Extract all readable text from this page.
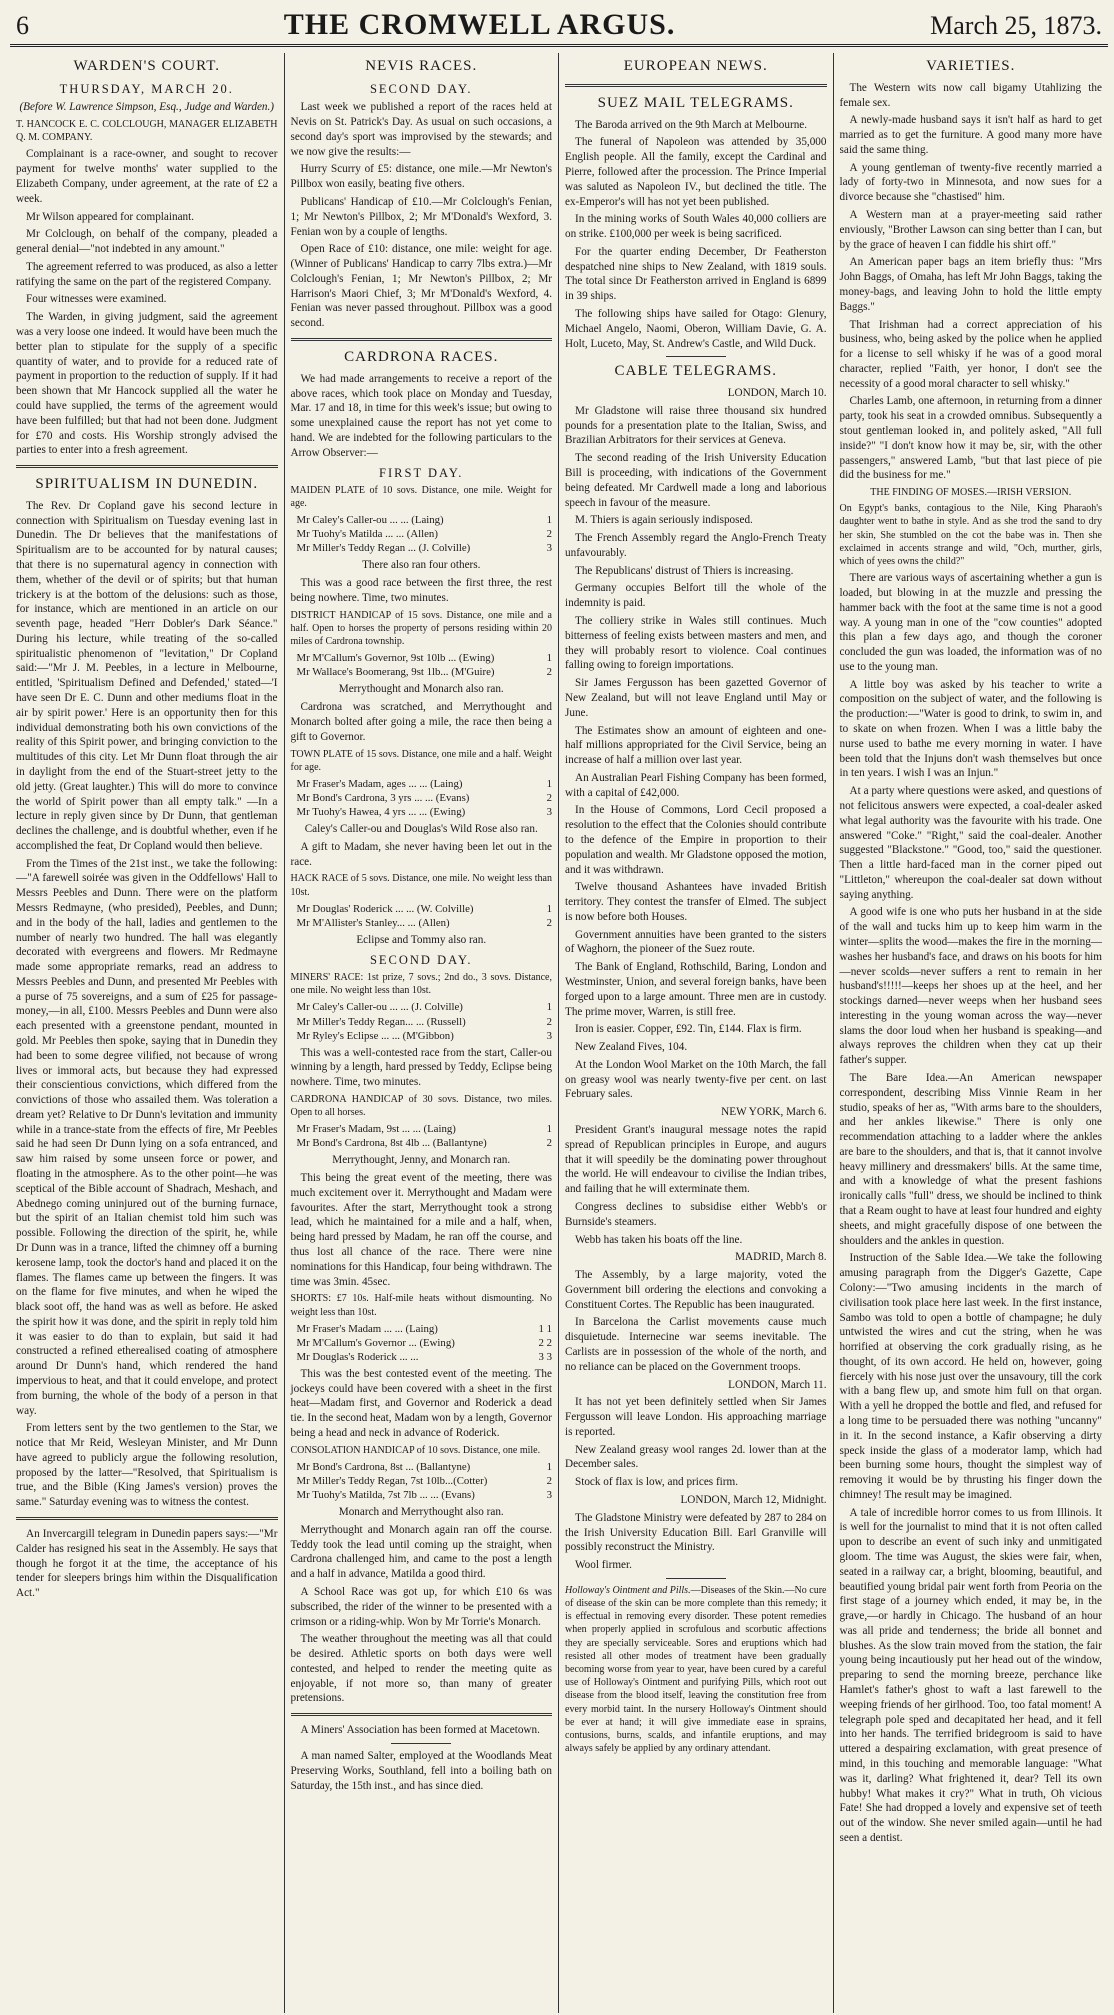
6	THE CROMWELL ARGUS.	March 25, 1873.
WARDEN'S COURT.
THURSDAY, MARCH 20.

(Before W. Lawrence Simpson, Esq., Judge and Warden.)

T. HANCOCK E. C. COLCLOUGH, MANAGER ELIZABETH Q. M. COMPANY.

Complainant is a race-owner, and sought to recover payment for twelve months' water supplied to the Elizabeth Company, under agreement, at the rate of £2 a week.

Mr Wilson appeared for complainant.

Mr Colclough, on behalf of the company, pleaded a general denial—"not indebted in any amount."

The agreement referred to was produced, as also a letter ratifying the same on the part of the registered Company.

Four witnesses were examined.

The Warden, in giving judgment, said the agreement was a very loose one indeed. It would have been much the better plan to stipulate for the supply of a specific quantity of water, and to provide for a reduced rate of payment in proportion to the reduction of supply. If it had been shown that Mr Hancock supplied all the water he could have supplied, the terms of the agreement would have been fulfilled; but that had not been done. Judgment for £70 and costs. His Worship strongly advised the parties to enter into a fresh agreement.

SPIRITUALISM IN DUNEDIN.

The Rev. Dr Copland gave his second lecture in connection with Spiritualism on Tuesday evening last in Dunedin. The Dr believes that the manifestations of Spiritualism are to be accounted for by natural causes; that there is no supernatural agency in connection with them, whether of the devil or of spirits; but that human trickery is at the bottom of the delusions: such as those, for instance, which are mentioned in an article on our seventh page, headed "Herr Dobler's Dark Séance." During his lecture, while treating of the so-called spiritualistic phenomenon of "levitation," Dr Copland said:—"Mr J. M. Peebles, in a lecture in Melbourne, entitled, 'Spiritualism Defined and Defended,' stated—'I have seen Dr E. C. Dunn and other mediums float in the air by spirit power.' Here is an opportunity then for this individual demonstrating both his own convictions of the reality of this Spirit power, and bringing conviction to the multitudes of this city. Let Mr Dunn float through the air in daylight from the end of the Stuart-street jetty to the old jetty. (Great laughter.) This will do more to convince the world of Spirit power than all empty talk." —In a lecture in reply given since by Dr Dunn, that gentleman declines the challenge, and is doubtful whether, even if he accomplished the feat, Dr Copland would then believe.

From the Times of the 21st inst., we take the following:—"A farewell soirée was given in the Oddfellows' Hall to Messrs Peebles and Dunn. There were on the platform Messrs Redmayne, (who presided), Peebles, and Dunn; and in the body of the hall, ladies and gentlemen to the number of nearly two hundred. The hall was elegantly decorated with evergreens and flowers. Mr Redmayne made some appropriate remarks, read an address to Messrs Peebles and Dunn, and presented Mr Peebles with a purse of 75 sovereigns, and a sum of £25 for passage-money,—in all, £100. Messrs Peebles and Dunn were also each presented with a greenstone pendant, mounted in gold. Mr Peebles then spoke, saying that in Dunedin they had been to some degree vilified, not because of wrong lives or immoral acts, but because they had expressed their conscientious convictions, which differed from the convictions of those who assailed them. Was toleration a dream yet? Relative to Dr Dunn's levitation and immunity while in a trance-state from the effects of fire, Mr Peebles said he had seen Dr Dunn lying on a sofa entranced, and saw him raised by some unseen force or power, and floating in the atmosphere. As to the other point—he was sceptical of the Bible account of Shadrach, Meshach, and Abednego coming uninjured out of the burning furnace, but the spirit of an Italian chemist told him such was possible. Following the direction of the spirit, he, while Dr Dunn was in a trance, lifted the chimney off a burning kerosene lamp, took the doctor's hand and placed it on the flames. The flames came up between the fingers. It was on the flame for five minutes, and when he wiped the black soot off, the hand was as well as before. He asked the spirit how it was done, and the spirit in reply told him it was easier to do than to explain, but said it had constructed a refined etherealised coating of atmosphere around Dr Dunn's hand, which rendered the hand impervious to heat, and that it could envelope, and protect from burning, the whole of the body of a person in that way.

From letters sent by the two gentlemen to the Star, we notice that Mr Reid, Wesleyan Minister, and Mr Dunn have agreed to publicly argue the following resolution, proposed by the latter—"Resolved, that Spiritualism is true, and the Bible (King James's version) proves the same." Saturday evening was to witness the contest.

An Invercargill telegram in Dunedin papers says:—"Mr Calder has resigned his seat in the Assembly. He says that though he forgot it at the time, the acceptance of his tender for sleepers brings him within the Disqualification Act."

NEVIS RACES.
SECOND DAY.

Last week we published a report of the races held at Nevis on St. Patrick's Day. As usual on such occasions, a second day's sport was improvised by the stewards; and we now give the results:—

Hurry Scurry of £5: distance, one mile.—Mr Newton's Pillbox won easily, beating five others.

Publicans' Handicap of £10.—Mr Colclough's Fenian, 1; Mr Newton's Pillbox, 2; Mr M'Donald's Wexford, 3. Fenian won by a couple of lengths.

Open Race of £10: distance, one mile: weight for age. (Winner of Publicans' Handicap to carry 7lbs extra.)—Mr Colclough's Fenian, 1; Mr Newton's Pillbox, 2; Mr Harrison's Maori Chief, 3; Mr M'Donald's Wexford, 4. Fenian was never passed throughout. Pillbox was a good second.

CARDRONA RACES.

We had made arrangements to receive a report of the above races, which took place on Monday and Tuesday, Mar. 17 and 18, in time for this week's issue; but owing to some unexplained cause the report has not yet come to hand. We are indebted for the following particulars to the Arrow Observer:—

FIRST DAY.

MAIDEN PLATE of 10 sovs. Distance, one mile. Weight for age.

Mr Caley's Caller-ou ... ... (Laing)	1
Mr Tuohy's Matilda ... ... (Allen)	2
Mr Miller's Teddy Regan ... (J. Colville)	3

There also ran four others.

This was a good race between the first three, the rest being nowhere. Time, two minutes.

DISTRICT HANDICAP of 15 sovs. Distance, one mile and a half. Open to horses the property of persons residing within 20 miles of Cardrona township.

Mr M'Callum's Governor, 9st 10lb ... (Ewing)	1
Mr Wallace's Boomerang, 9st 1lb... (M'Guire)	2

Merrythought and Monarch also ran.

Cardrona was scratched, and Merrythought and Monarch bolted after going a mile, the race then being a gift to Governor.

TOWN PLATE of 15 sovs. Distance, one mile and a half. Weight for age.

Mr Fraser's Madam, ages ... ... (Laing)	1
Mr Bond's Cardrona, 3 yrs ... ... (Evans)	2
Mr Tuohy's Hawea, 4 yrs ... ... (Ewing)	3

Caley's Caller-ou and Douglas's Wild Rose also ran.

A gift to Madam, she never having been let out in the race.

HACK RACE of 5 sovs. Distance, one mile. No weight less than 10st.

Mr Douglas' Roderick ... ... (W. Colville)	1
Mr M'Allister's Stanley... ... (Allen)	2

Eclipse and Tommy also ran.

SECOND DAY.

MINERS' RACE: 1st prize, 7 sovs.; 2nd do., 3 sovs. Distance, one mile. No weight less than 10st.

Mr Caley's Caller-ou ... ... (J. Colville)	1
Mr Miller's Teddy Regan... ... (Russell)	2
Mr Ryley's Eclipse ... ... (M'Gibbon)	3

This was a well-contested race from the start, Caller-ou winning by a length, hard pressed by Teddy, Eclipse being nowhere. Time, two minutes.

CARDRONA HANDICAP of 30 sovs. Distance, two miles. Open to all horses.

Mr Fraser's Madam, 9st ... ... (Laing)	1
Mr Bond's Cardrona, 8st 4lb ... (Ballantyne)	2

Merrythought, Jenny, and Monarch ran.

This being the great event of the meeting, there was much excitement over it. Merrythought and Madam were favourites. After the start, Merrythought took a strong lead, which he maintained for a mile and a half, when, being hard pressed by Madam, he ran off the course, and thus lost all chance of the race. There were nine nominations for this Handicap, four being withdrawn. The time was 3min. 45sec.

SHORTS: £7 10s. Half-mile heats without dismounting. No weight less than 10st.

Mr Fraser's Madam ... ... (Laing)	1 1
Mr M'Callum's Governor ... (Ewing)	2 2
Mr Douglas's Roderick ... ...	3 3

This was the best contested event of the meeting. The jockeys could have been covered with a sheet in the first heat—Madam first, and Governor and Roderick a dead tie. In the second heat, Madam won by a length, Governor being a head and neck in advance of Roderick.

CONSOLATION HANDICAP of 10 sovs. Distance, one mile.

Mr Bond's Cardrona, 8st ... (Ballantyne)	1
Mr Miller's Teddy Regan, 7st 10lb...(Cotter)	2
Mr Tuohy's Matilda, 7st 7lb ... ... (Evans)	3

Monarch and Merrythought also ran.

Merrythought and Monarch again ran off the course. Teddy took the lead until coming up the straight, when Cardrona challenged him, and came to the post a length and a half in advance, Matilda a good third.

A School Race was got up, for which £10 6s was subscribed, the rider of the winner to be presented with a crimson or a riding-whip. Won by Mr Torrie's Monarch.

The weather throughout the meeting was all that could be desired. Athletic sports on both days were well contested, and helped to render the meeting quite as enjoyable, if not more so, than many of greater pretensions.

A Miners' Association has been formed at Macetown.

A man named Salter, employed at the Woodlands Meat Preserving Works, Southland, fell into a boiling bath on Saturday, the 15th inst., and has since died.

EUROPEAN NEWS.
SUEZ MAIL TELEGRAMS.

The Baroda arrived on the 9th March at Melbourne.

The funeral of Napoleon was attended by 35,000 English people. All the family, except the Cardinal and Pierre, followed after the procession. The Prince Imperial was saluted as Napoleon IV., but declined the title. The ex-Emperor's will has not yet been published.

In the mining works of South Wales 40,000 colliers are on strike. £100,000 per week is being sacrificed.

For the quarter ending December, Dr Featherston despatched nine ships to New Zealand, with 1819 souls. The total since Dr Featherston arrived in England is 6899 in 39 ships.

The following ships have sailed for Otago: Glenury, Michael Angelo, Naomi, Oberon, William Davie, G. A. Holt, Luceto, May, St. Andrew's Castle, and Wild Duck.

CABLE TELEGRAMS.

LONDON, March 10.

Mr Gladstone will raise three thousand six hundred pounds for a presentation plate to the Italian, Swiss, and Brazilian Arbitrators for their services at Geneva.

The second reading of the Irish University Education Bill is proceeding, with indications of the Government being defeated. Mr Cardwell made a long and laborious speech in favour of the measure.

M. Thiers is again seriously indisposed.

The French Assembly regard the Anglo-French Treaty unfavourably.

The Republicans' distrust of Thiers is increasing.

Germany occupies Belfort till the whole of the indemnity is paid.

The colliery strike in Wales still continues. Much bitterness of feeling exists between masters and men, and they will probably resort to violence. Coal continues falling owing to foreign importations.

Sir James Fergusson has been gazetted Governor of New Zealand, but will not leave England until May or June.

The Estimates show an amount of eighteen and one-half millions appropriated for the Civil Service, being an increase of half a million over last year.

An Australian Pearl Fishing Company has been formed, with a capital of £42,000.

In the House of Commons, Lord Cecil proposed a resolution to the effect that the Colonies should contribute to the defence of the Empire in proportion to their population and wealth. Mr Gladstone opposed the motion, and it was withdrawn.

Twelve thousand Ashantees have invaded British territory. They contest the transfer of Elmed. The subject is now before both Houses.

Government annuities have been granted to the sisters of Waghorn, the pioneer of the Suez route.

The Bank of England, Rothschild, Baring, London and Westminster, Union, and several foreign banks, have been forged upon to a large amount. Three men are in custody. The prime mover, Warren, is still free.

Iron is easier. Copper, £92. Tin, £144. Flax is firm.

New Zealand Fives, 104.

At the London Wool Market on the 10th March, the fall on greasy wool was nearly twenty-five per cent. on last February sales.

NEW YORK, March 6.

President Grant's inaugural message notes the rapid spread of Republican principles in Europe, and augurs that it will speedily be the dominating power throughout the world. He will endeavour to civilise the Indian tribes, and failing that he will exterminate them.

Congress declines to subsidise either Webb's or Burnside's steamers.

Webb has taken his boats off the line.

MADRID, March 8.

The Assembly, by a large majority, voted the Government bill ordering the elections and convoking a Constituent Cortes. The Republic has been inaugurated.

In Barcelona the Carlist movements cause much disquietude. Internecine war seems inevitable. The Carlists are in possession of the whole of the north, and no reliance can be placed on the Government troops.

LONDON, March 11.

It has not yet been definitely settled when Sir James Fergusson will leave London. His approaching marriage is reported.

New Zealand greasy wool ranges 2d. lower than at the December sales.

Stock of flax is low, and prices firm.

LONDON, March 12, Midnight.

The Gladstone Ministry were defeated by 287 to 284 on the Irish University Education Bill. Earl Granville will possibly reconstruct the Ministry.

Wool firmer.

Holloway's Ointment and Pills.—Diseases of the Skin.—No cure of disease of the skin can be more complete than this remedy; it is effectual in removing every disorder. These potent remedies when properly applied in scrofulous and scorbutic affections they are specially serviceable. Sores and eruptions which had resisted all other modes of treatment have been gradually becoming worse from year to year, have been cured by a careful use of Holloway's Ointment and purifying Pills, which root out disease from the blood itself, leaving the constitution free from every morbid taint. In the nursery Holloway's Ointment should be ever at hand; it will give immediate ease in sprains, contusions, burns, scalds, and infantile eruptions, and may always safely be applied by any ordinary attendant.

VARIETIES.

The Western wits now call bigamy Utahlizing the female sex.

A newly-made husband says it isn't half as hard to get married as to get the furniture. A good many more have said the same thing.

A young gentleman of twenty-five recently married a lady of forty-two in Minnesota, and now sues for a divorce because she "chastised" him.

A Western man at a prayer-meeting said rather enviously, "Brother Lawson can sing better than I can, but by the grace of heaven I can fiddle his shirt off."

An American paper bags an item briefly thus: "Mrs John Baggs, of Omaha, has left Mr John Baggs, taking the money-bags, and leaving John to hold the little empty Baggs."

That Irishman had a correct appreciation of his business, who, being asked by the police when he applied for a license to sell whisky if he was of a good moral character, replied "Faith, yer honor, I don't see the necessity of a good moral character to sell whisky."

Charles Lamb, one afternoon, in returning from a dinner party, took his seat in a crowded omnibus. Subsequently a stout gentleman looked in, and politely asked, "All full inside?" "I don't know how it may be, sir, with the other passengers," answered Lamb, "but that last piece of pie did the business for me."

THE FINDING OF MOSES.—IRISH VERSION.

On Egypt's banks, contagious to the Nile, King Pharaoh's daughter went to bathe in style. And as she trod the sand to dry her skin, She stumbled on the cot the babe was in. Then she exclaimed in accents strange and wild, "Och, murther, girls, which of yees owns the child?"

There are various ways of ascertaining whether a gun is loaded, but blowing in at the muzzle and pressing the hammer back with the foot at the same time is not a good way. A young man in one of the "cow counties" adopted this plan a few days ago, and though the coroner concluded the gun was loaded, the information was of no use to the young man.

A little boy was asked by his teacher to write a composition on the subject of water, and the following is the production:—"Water is good to drink, to swim in, and to skate on when frozen. When I was a little baby the nurse used to bathe me every morning in water. I have been told that the Injuns don't wash themselves but once in ten years. I wish I was an Injun."

At a party where questions were asked, and questions of not felicitous answers were expected, a coal-dealer asked what legal authority was the favourite with his trade. One answered "Coke." "Right," said the coal-dealer. Another suggested "Blackstone." "Good, too," said the questioner. Then a little hard-faced man in the corner piped out "Littleton," whereupon the coal-dealer sat down without saying anything.

A good wife is one who puts her husband in at the side of the wall and tucks him up to keep him warm in the winter—splits the wood—makes the fire in the morning—washes her husband's face, and draws on his boots for him—never scolds—never suffers a rent to remain in her husband's!!!!!—keeps her shoes up at the heel, and her stockings darned—never weeps when her husband sees interesting in the young woman across the way—never slams the door loud when her husband is speaking—and always reproves the children when they cat up their father's supper.

The Bare Idea.—An American newspaper correspondent, describing Miss Vinnie Ream in her studio, speaks of her as, "With arms bare to the shoulders, and her ankles likewise." There is only one recommendation attaching to a ladder where the ankles are bare to the shoulders, and that is, that it cannot involve heavy millinery and dressmakers' bills. At the same time, and with a knowledge of what the present fashions ironically calls "full" dress, we should be inclined to think that a Ream ought to have at least four hundred and eighty sheets, and might gracefully dispose of one between the shoulders and the ankles in question.

Instruction of the Sable Idea.—We take the following amusing paragraph from the Digger's Gazette, Cape Colony:—"Two amusing incidents in the march of civilisation took place here last week. In the first instance, Sambo was told to open a bottle of champagne; he duly untwisted the wires and cut the string, when he was horrified at observing the cork gradually rising, as he thought, of its own accord. He held on, however, going fiercely with his nose just over the unsavoury, till the cork with a bang flew up, and smote him full on that organ. With a yell he dropped the bottle and fled, and refused for a long time to be persuaded there was nothing "uncanny" in it. In the second instance, a Kafir observing a dirty speck inside the glass of a moderator lamp, which had been burning some hours, thought the simplest way of removing it would be by thrusting his finger down the chimney! The result may be imagined.

A tale of incredible horror comes to us from Illinois. It is well for the journalist to mind that it is not often called upon to describe an event of such inky and unmitigated gloom. The time was August, the skies were fair, when, seated in a railway car, a bright, blooming, beautiful, and beautified young bridal pair went forth from Peoria on the first stage of a journey which ended, it may be, in the grave,—or hardly in Chicago. The husband of an hour was all pride and tenderness; the bride all bonnet and blushes. As the slow train moved from the station, the fair young being incautiously put her head out of the window, preparing to send the morning breeze, perchance like Hamlet's father's ghost to waft a last farewell to the weeping friends of her girlhood. Too, too fatal moment! A telegraph pole sped and decapitated her head, and it fell into her hands. The terrified bridegroom is said to have uttered a despairing exclamation, with great presence of mind, in this touching and memorable language: "What was it, darling? What frightened it, dear? Tell its own hubby! What makes it cry?" What in truth, Oh vicious Fate! She had dropped a lovely and expensive set of teeth out of the window. She never smiled again—until he had seen a dentist.
